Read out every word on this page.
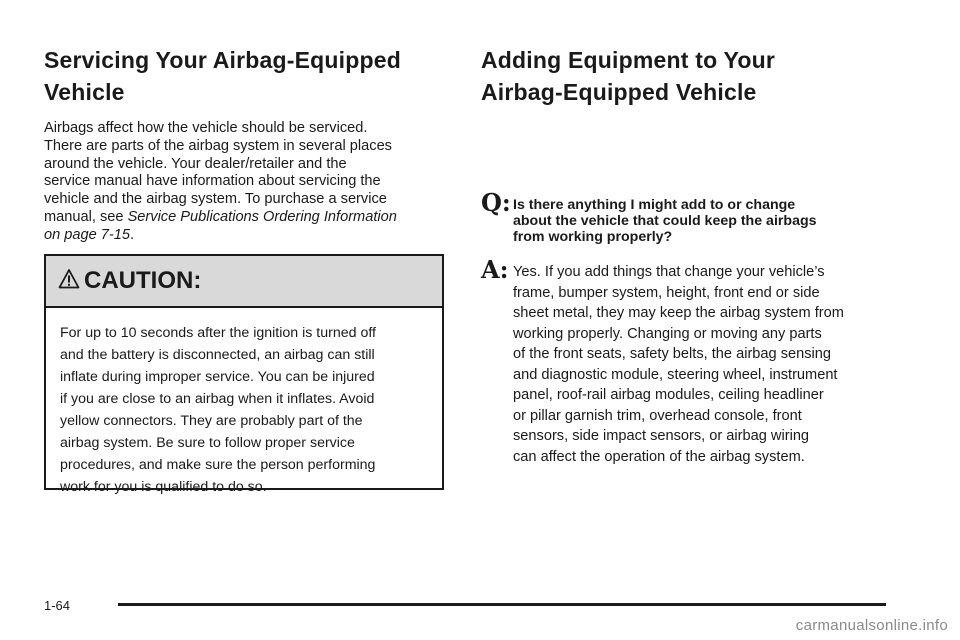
Servicing Your Airbag-Equipped
Vehicle

Airbags affect how the vehicle should be serviced.
There are parts of the airbag system in several places
around the vehicle. Your dealer/retailer and the
service manual have information about servicing the
vehicle and the airbag system. To purchase a service
manual, see Service Publications Ordering Information
on page 7-15.

CAUTION:
For up to 10 seconds after the ignition is turned off
and the battery is disconnected, an airbag can still
inflate during improper service. You can be injured
if you are close to an airbag when it inflates. Avoid
yellow connectors. They are probably part of the
airbag system. Be sure to follow proper service
procedures, and make sure the person performing
work for you is qualified to do so.
Adding Equipment to Your
Airbag-Equipped Vehicle
Q: Is there anything I might add to or change
about the vehicle that could keep the airbags
from working properly?
A: Yes. If you add things that change your vehicle’s
frame, bumper system, height, front end or side
sheet metal, they may keep the airbag system from
working properly. Changing or moving any parts
of the front seats, safety belts, the airbag sensing
and diagnostic module, steering wheel, instrument
panel, roof-rail airbag modules, ceiling headliner
or pillar garnish trim, overhead console, front
sensors, side impact sensors, or airbag wiring
can affect the operation of the airbag system.
1-64
carmanualsonline.info
